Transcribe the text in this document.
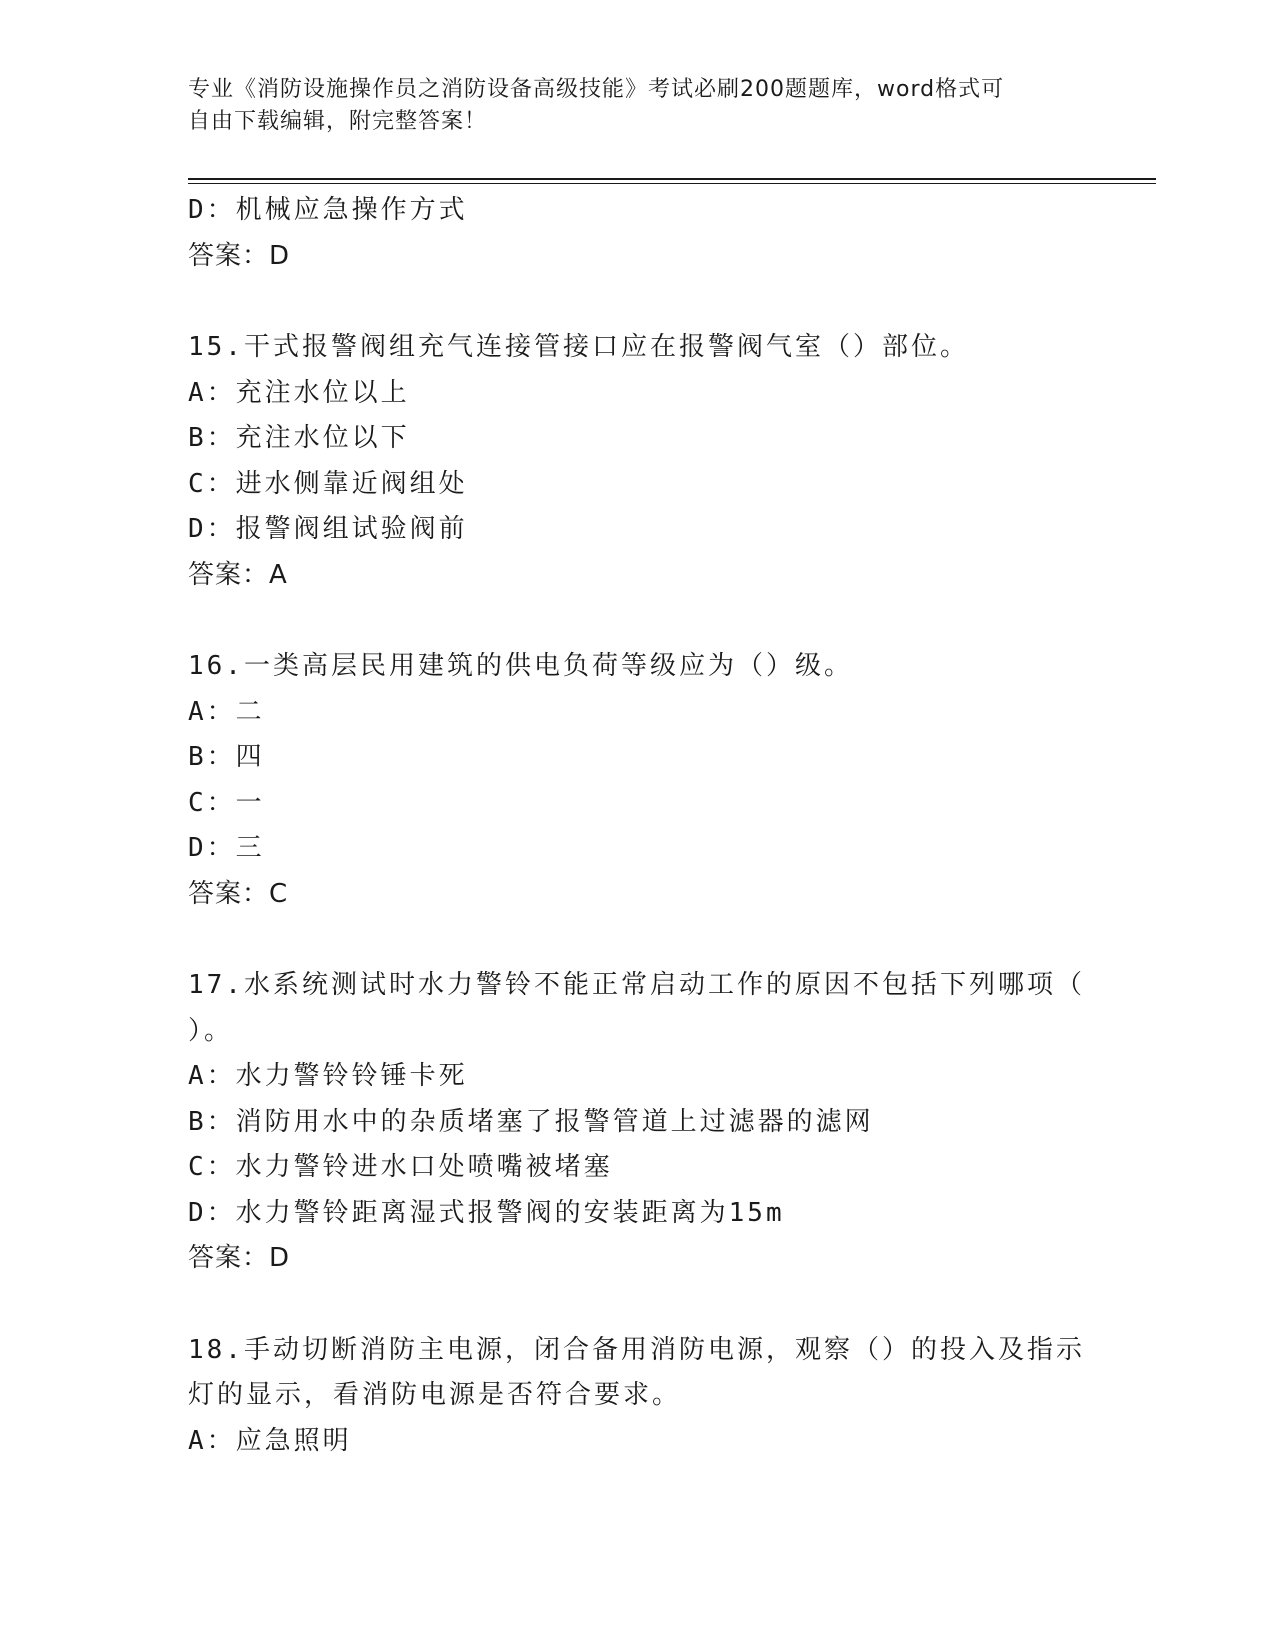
专业《消防设施操作员之消防设备高级技能》考试必刷200题题库，word格式可
自由下载编辑，附完整答案！
D：机械应急操作方式
答案：D
15.干式报警阀组充气连接管接口应在报警阀气室（）部位。
A：充注水位以上
B：充注水位以下
C：进水侧靠近阀组处
D：报警阀组试验阀前
答案：A
16.一类高层民用建筑的供电负荷等级应为（）级。
A：二
B：四
C：一
D：三
答案：C
17.水系统测试时水力警铃不能正常启动工作的原因不包括下列哪项（
）。
A：水力警铃铃锤卡死
B：消防用水中的杂质堵塞了报警管道上过滤器的滤网
C：水力警铃进水口处喷嘴被堵塞
D：水力警铃距离湿式报警阀的安装距离为15m
答案：D
18.手动切断消防主电源，闭合备用消防电源，观察（）的投入及指示
灯的显示，看消防电源是否符合要求。
A：应急照明
